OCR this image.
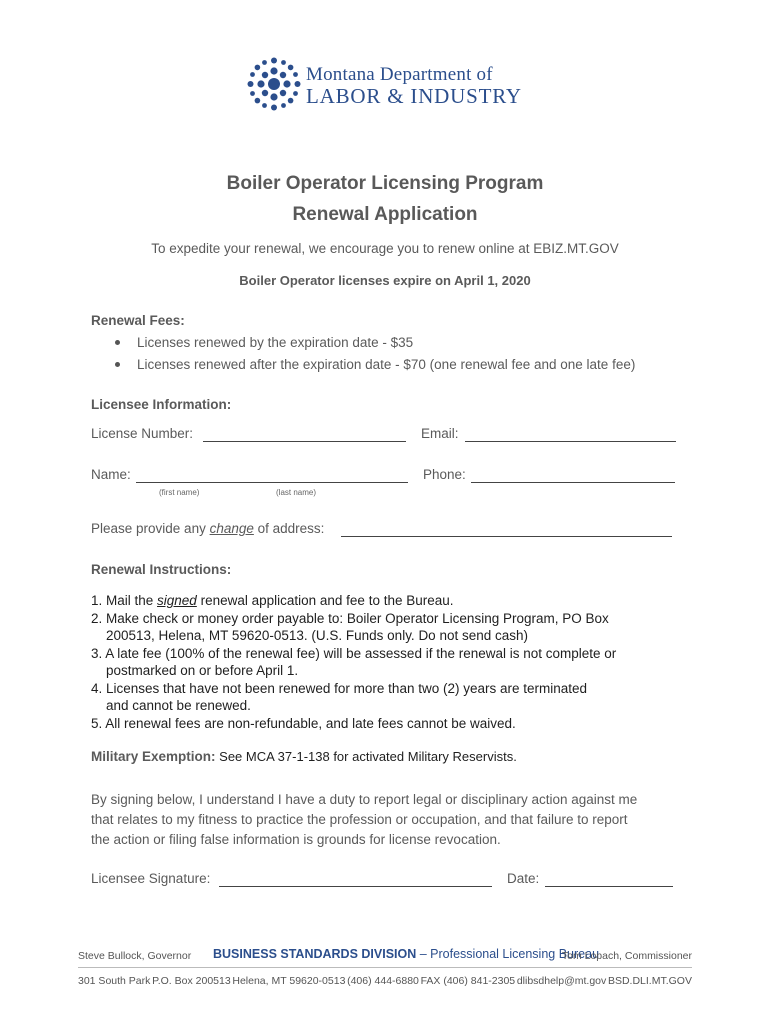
Montana Department of
LABOR & INDUSTRY
Boiler Operator Licensing Program
Renewal Application
To expedite your renewal, we encourage you to renew online at EBIZ.MT.GOV
Boiler Operator licenses expire on April 1, 2020
Renewal Fees:
Licenses renewed by the expiration date - $35
Licenses renewed after the expiration date - $70 (one renewal fee and one late fee)
Licensee Information:
License Number:	Email:
Name:	Phone:
(first name)	(last name)
Please provide any change of address:
Renewal Instructions:
1. Mail the signed renewal application and fee to the Bureau.
2. Make check or money order payable to: Boiler Operator Licensing Program, PO Box
200513, Helena, MT 59620-0513. (U.S. Funds only. Do not send cash)
3. A late fee (100% of the renewal fee) will be assessed if the renewal is not complete or
postmarked on or before April 1.
4. Licenses that have not been renewed for more than two (2) years are terminated
and cannot be renewed.
5. All renewal fees are non-refundable, and late fees cannot be waived.
Military Exemption: See MCA 37-1-138 for activated Military Reservists.
By signing below, I understand I have a duty to report legal or disciplinary action against me
that relates to my fitness to practice the profession or occupation, and that failure to report
the action or filing false information is grounds for license revocation.
Licensee Signature:	Date:
Steve Bullock, Governor BUSINESS STANDARDS DIVISION – Professional Licensing Bureau
Tom Lopach, Commissioner
301 South Park P.O. Box 200513 Helena, MT 59620-0513 (406) 444-6880 FAX (406) 841-2305 dlibsdhelp@mt.gov BSD.DLI.MT.GOV
